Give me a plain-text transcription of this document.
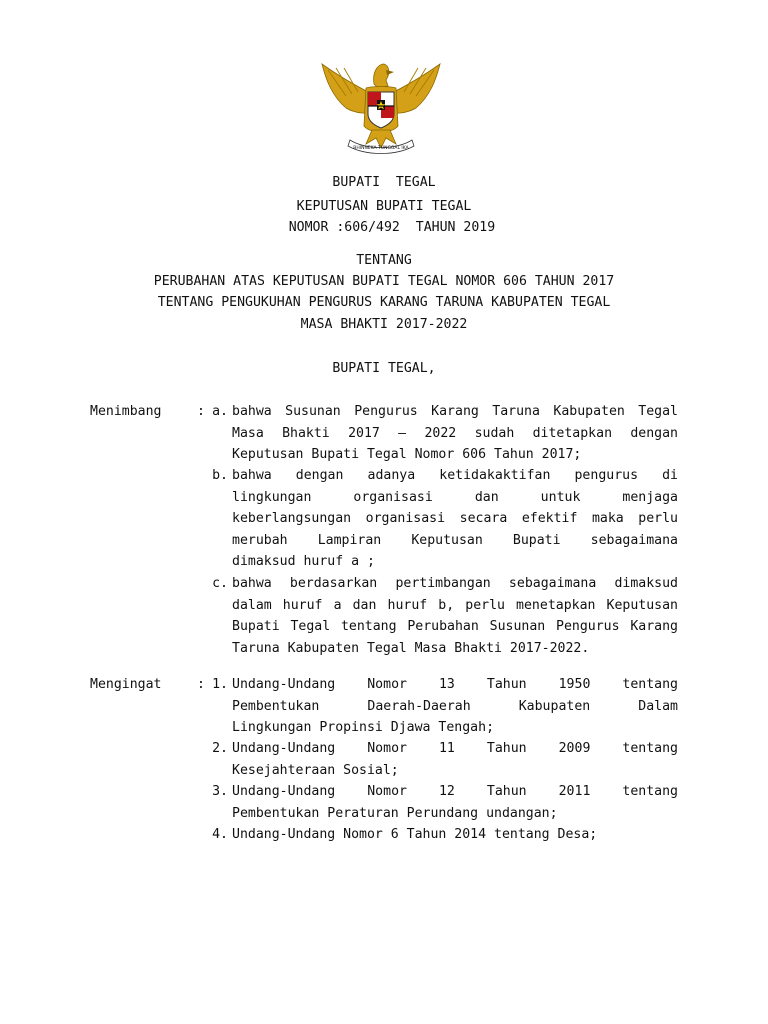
BHINNEKA TUNGGAL IKA
BUPATI  TEGAL
KEPUTUSAN BUPATI TEGAL
NOMOR :606/492  TAHUN 2019
TENTANG
PERUBAHAN ATAS KEPUTUSAN BUPATI TEGAL NOMOR 606 TAHUN 2017
TENTANG PENGUKUHAN PENGURUS KARANG TARUNA KABUPATEN TEGAL
MASA BHAKTI 2017-2022
BUPATI TEGAL,
Menimbang	: a. bahwa Susunan Pengurus Karang Taruna Kabupaten Tegal
Masa Bhakti 2017 – 2022 sudah ditetapkan dengan
Keputusan Bupati Tegal Nomor 606 Tahun 2017;
b. bahwa dengan adanya ketidakaktifan pengurus di
lingkungan organisasi dan untuk menjaga
keberlangsungan organisasi secara efektif maka perlu
merubah Lampiran Keputusan Bupati sebagaimana
dimaksud huruf a ;
c. bahwa berdasarkan pertimbangan sebagaimana dimaksud
dalam huruf a dan huruf b, perlu menetapkan Keputusan
Bupati Tegal tentang Perubahan Susunan Pengurus Karang
Taruna Kabupaten Tegal Masa Bhakti 2017-2022.
Mengingat	: 1. Undang-Undang Nomor 13 Tahun 1950 tentang
Pembentukan Daerah-Daerah Kabupaten Dalam
Lingkungan Propinsi Djawa Tengah;
2. Undang-Undang Nomor 11 Tahun 2009 tentang
Kesejahteraan Sosial;
3. Undang-Undang Nomor 12 Tahun 2011 tentang
Pembentukan Peraturan Perundang undangan;
4. Undang-Undang Nomor 6 Tahun 2014 tentang Desa;
